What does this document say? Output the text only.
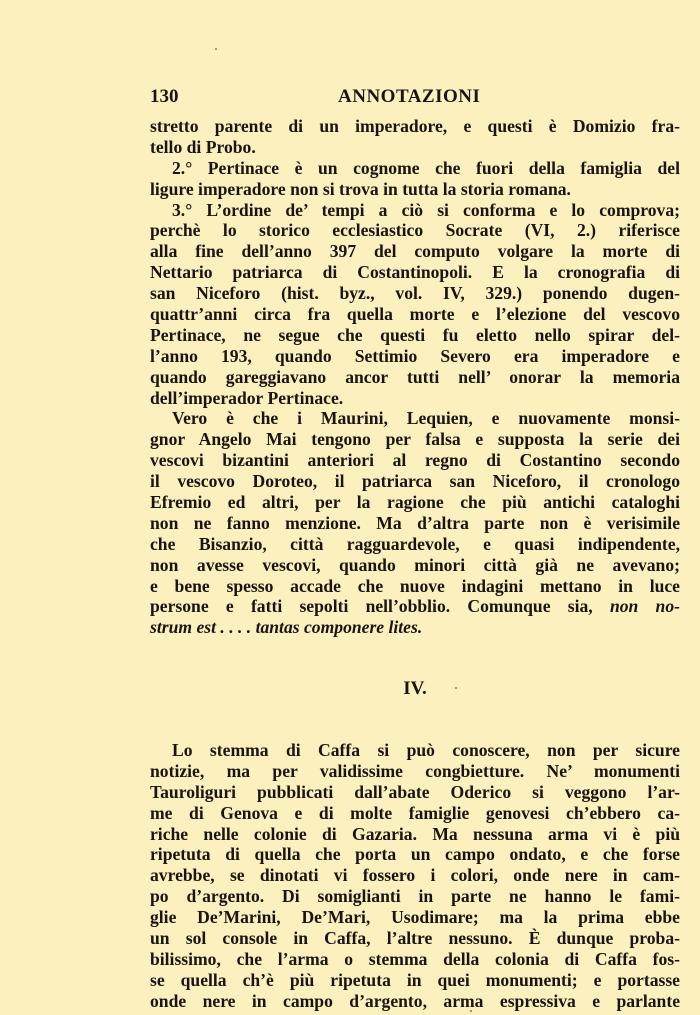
130	ANNOTAZIONI
stretto parente di un imperadore, e questi è Domizio fra-
tello di Probo.
2.° Pertinace è un cognome che fuori della famiglia del
ligure imperadore non si trova in tutta la storia romana.
3.° L’ordine de’ tempi a ciò si conforma e lo comprova;
perchè lo storico ecclesiastico Socrate (VI, 2.) riferisce
alla fine dell’anno 397 del computo volgare la morte di
Nettario patriarca di Costantinopoli. E la cronografia di
san Niceforo (hist. byz., vol. IV, 329.) ponendo dugen-
quattr’anni circa fra quella morte e l’elezione del vescovo
Pertinace, ne segue che questi fu eletto nello spirar del-
l’anno 193, quando Settimio Severo era imperadore e
quando gareggiavano ancor tutti nell’ onorar la memoria
dell’imperador Pertinace.
Vero è che i Maurini, Lequien, e nuovamente monsi-
gnor Angelo Mai tengono per falsa e supposta la serie dei
vescovi bizantini anteriori al regno di Costantino secondo
il vescovo Doroteo, il patriarca san Niceforo, il cronologo
Efremio ed altri, per la ragione che più antichi cataloghi
non ne fanno menzione. Ma d’altra parte non è verisimile
che Bisanzio, città ragguardevole, e quasi indipendente,
non avesse vescovi, quando minori città già ne avevano;
e bene spesso accade che nuove indagini mettano in luce
persone e fatti sepolti nell’obblio. Comunque sia, non no-
strum est . . . . tantas componere lites.
IV.
Lo stemma di Caffa si può conoscere, non per sicure
notizie, ma per validissime congbietture. Ne’ monumenti
Tauroliguri pubblicati dall’abate Oderico si veggono l’ar-
me di Genova e di molte famiglie genovesi ch’ebbero ca-
riche nelle colonie di Gazaria. Ma nessuna arma vi è più
ripetuta di quella che porta un campo ondato, e che forse
avrebbe, se dinotati vi fossero i colori, onde nere in cam-
po d’argento. Di somiglianti in parte ne hanno le fami-
glie De’Marini, De’Mari, Usodimare; ma la prima ebbe
un sol console in Caffa, l’altre nessuno. È dunque proba-
bilissimo, che l’arma o stemma della colonia di Caffa fos-
se quella ch’è più ripetuta in quei monumenti; e portasse
onde nere in campo d’argento, arma espressiva e parlante
